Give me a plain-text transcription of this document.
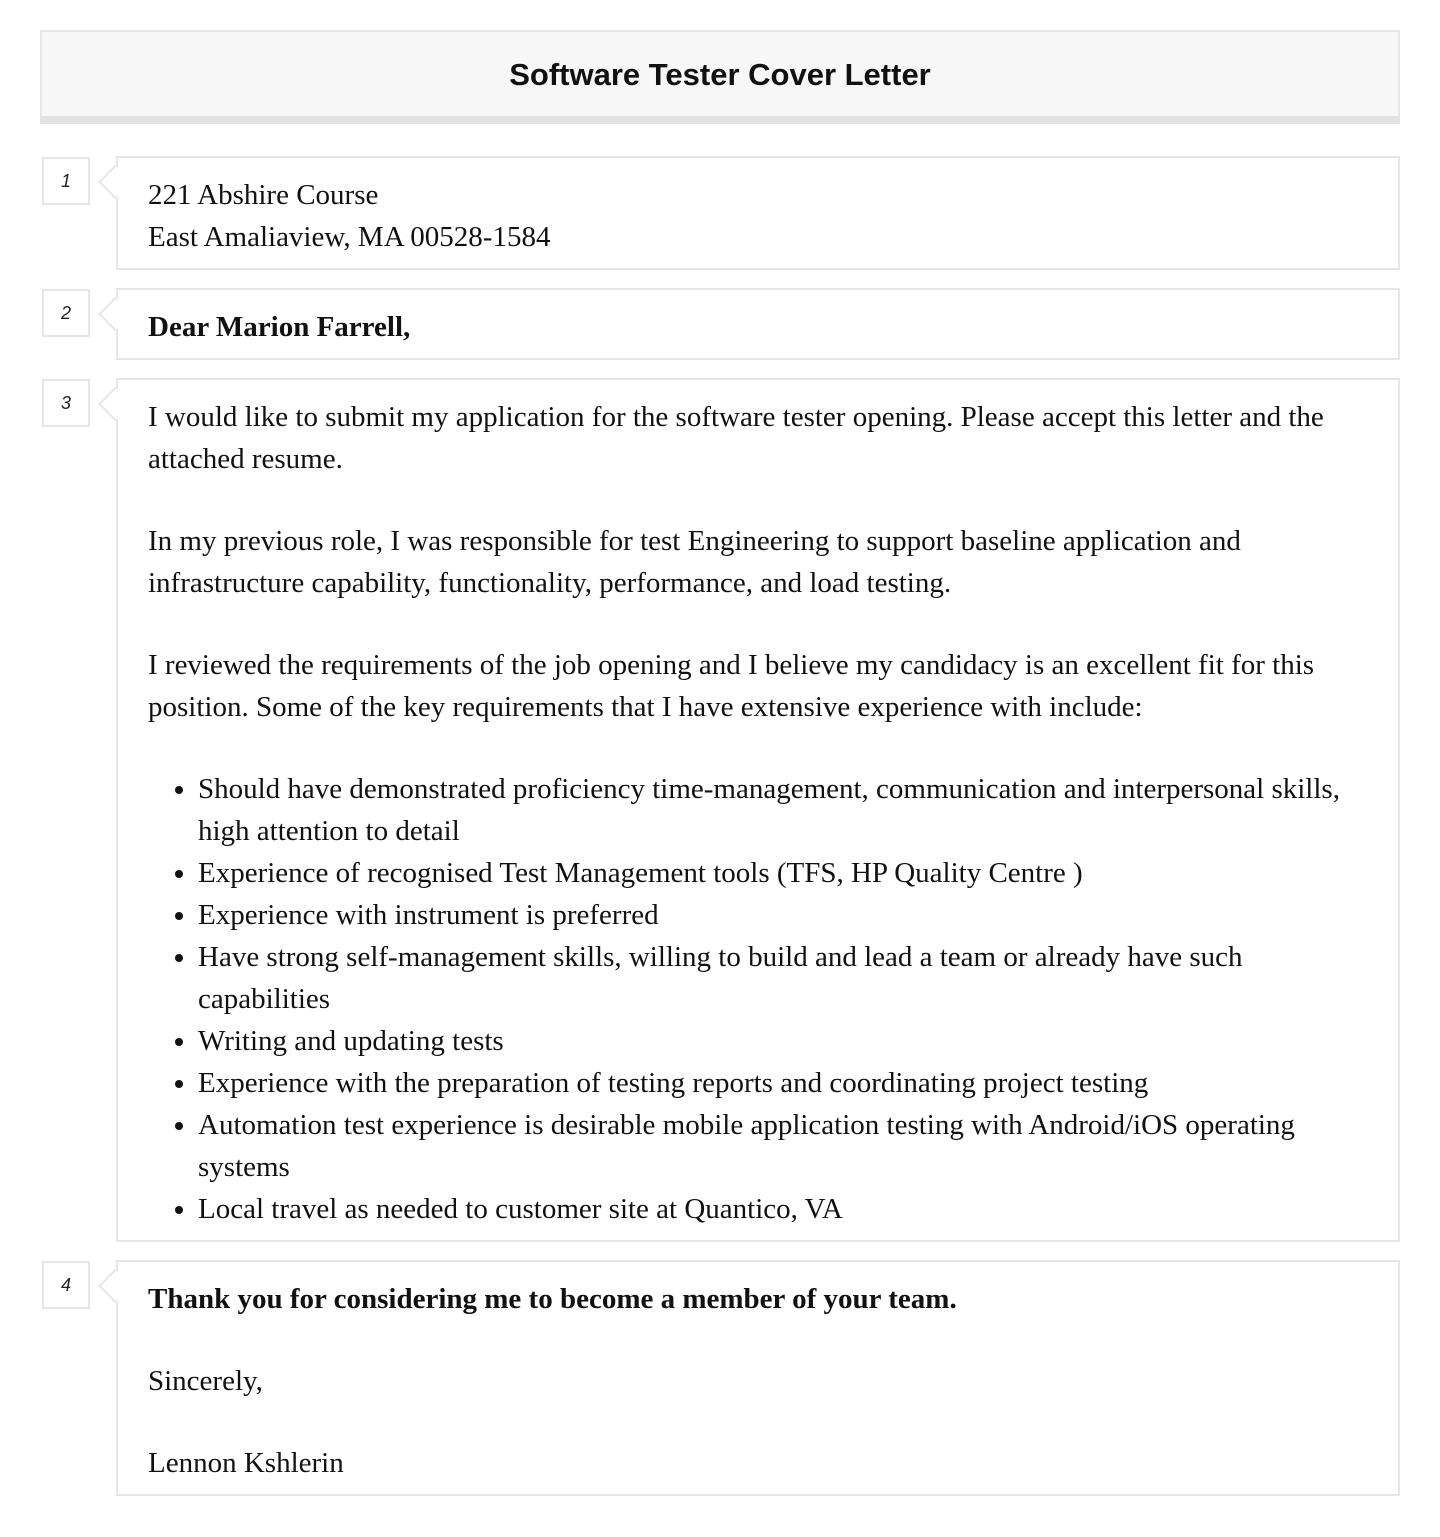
Software Tester Cover Letter
1	221 Abshire Course
East Amaliaview, MA 00528-1584
2	Dear Marion Farrell,
3	I would like to submit my application for the software tester opening. Please accept this letter and the attached resume.

In my previous role, I was responsible for test Engineering to support baseline application and infrastructure capability, functionality, performance, and load testing.

I reviewed the requirements of the job opening and I believe my candidacy is an excellent fit for this position. Some of the key requirements that I have extensive experience with include:

• Should have demonstrated proficiency time-management, communication and interpersonal skills, high attention to detail
• Experience of recognised Test Management tools (TFS, HP Quality Centre )
• Experience with instrument is preferred
• Have strong self-management skills, willing to build and lead a team or already have such capabilities
• Writing and updating tests
• Experience with the preparation of testing reports and coordinating project testing
• Automation test experience is desirable mobile application testing with Android/iOS operating systems
• Local travel as needed to customer site at Quantico, VA
4	Thank you for considering me to become a member of your team.

Sincerely,

Lennon Kshlerin
